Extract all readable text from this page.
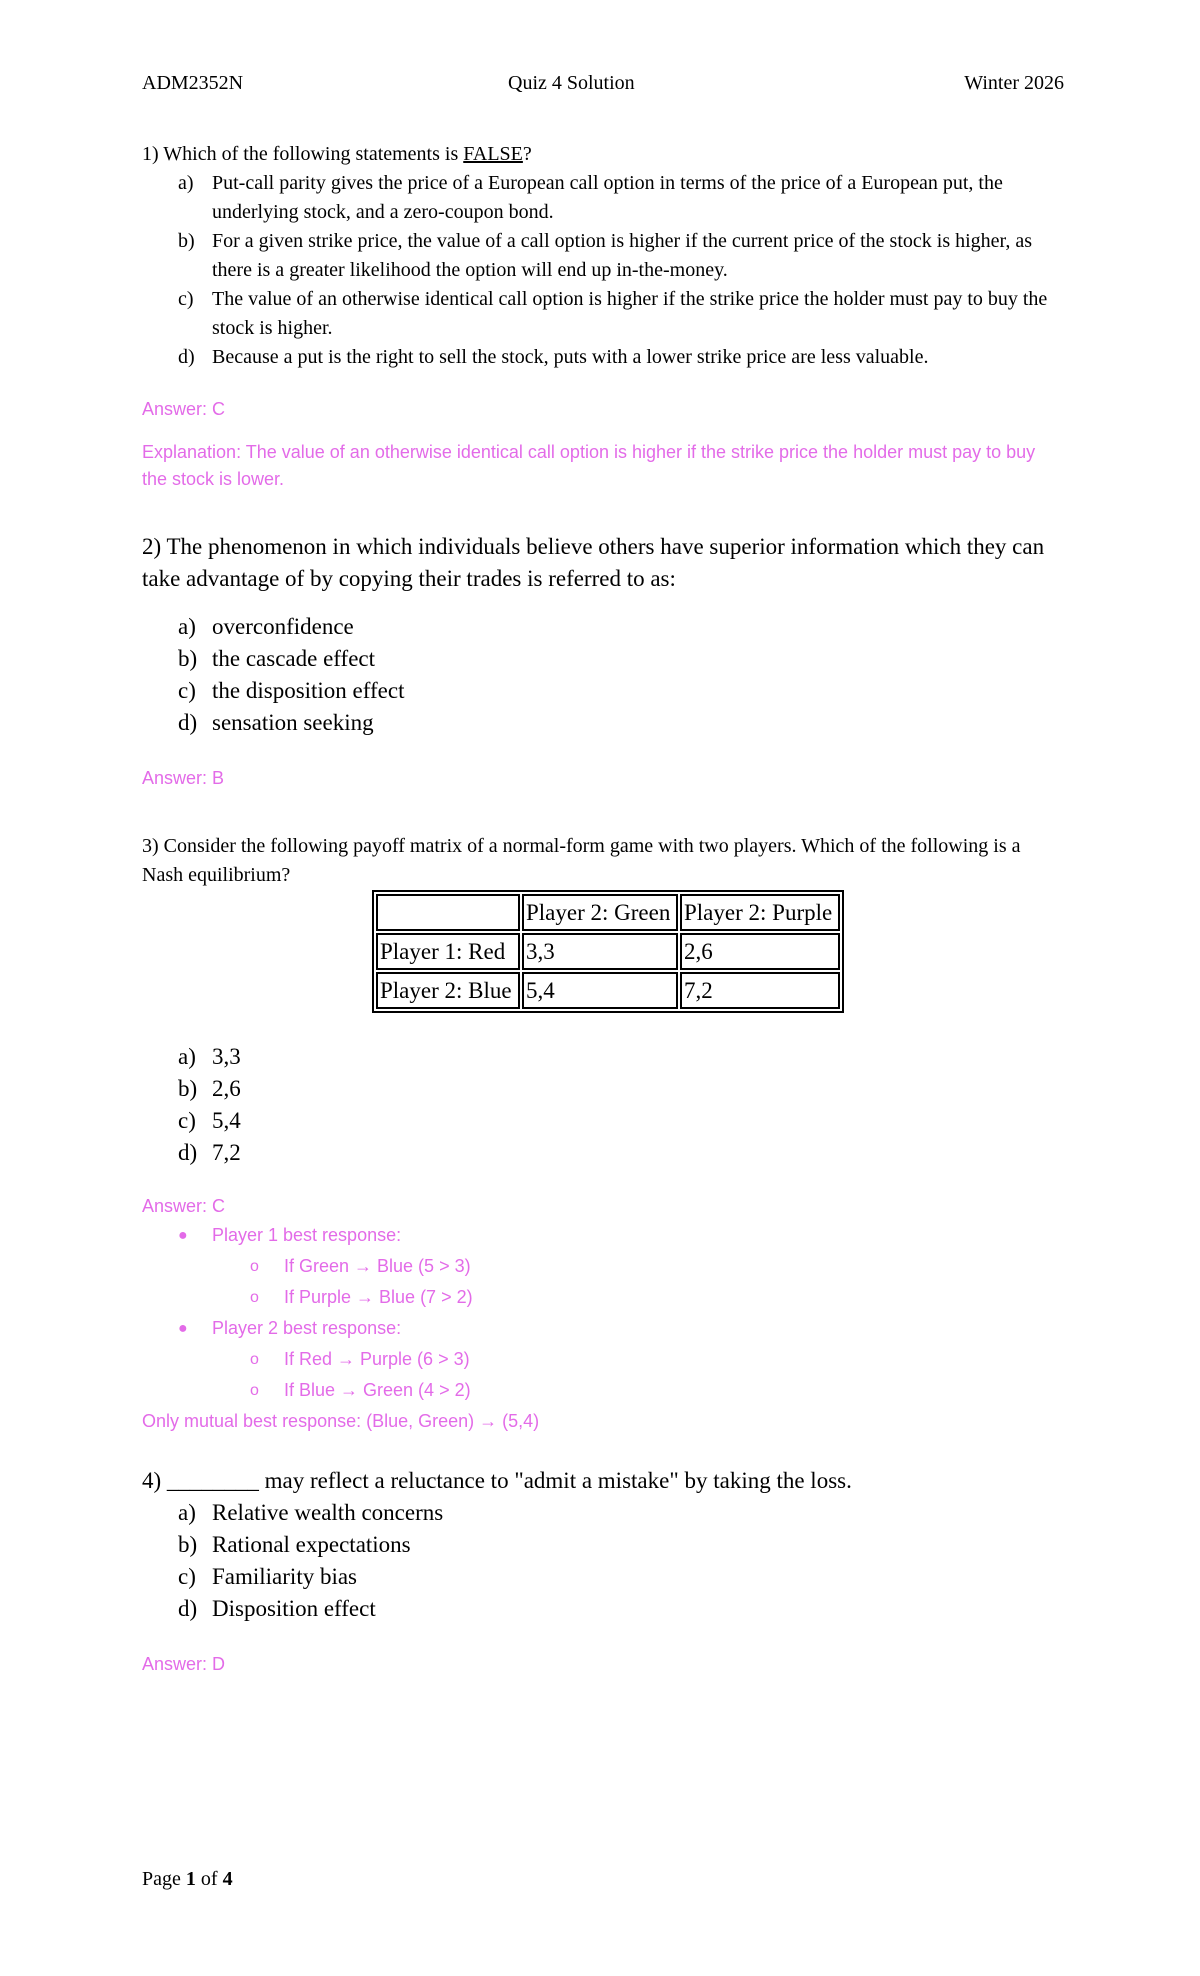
ADM2352N	Quiz 4 Solution	Winter 2026

1) Which of the following statements is FALSE?

a) Put-call parity gives the price of a European call option in terms of the price of a European put, the underlying stock, and a zero-coupon bond.
b) For a given strike price, the value of a call option is higher if the current price of the stock is higher, as there is a greater likelihood the option will end up in-the-money.
c) The value of an otherwise identical call option is higher if the strike price the holder must pay to buy the stock is higher.
d) Because a put is the right to sell the stock, puts with a lower strike price are less valuable.
Answer: C
Explanation: The value of an otherwise identical call option is higher if the strike price the holder must pay to buy the stock is lower.

2) The phenomenon in which individuals believe others have superior information which they can take advantage of by copying their trades is referred to as:

a) overconfidence
b) the cascade effect
c) the disposition effect
d) sensation seeking
Answer: B

3) Consider the following payoff matrix of a normal-form game with two players. Which of the following is a Nash equilibrium?

	Player 2: Green	Player 2: Purple
Player 1: Red	3,3	2,6
Player 2: Blue	5,4	7,2
a) 3,3
b) 2,6
c) 5,4
d) 7,2
Answer: C
● Player 1 best response:
o If Green → Blue (5 > 3)
o If Purple → Blue (7 > 2)
● Player 2 best response:
o If Red → Purple (6 > 3)
o If Blue → Green (4 > 2)
Only mutual best response: (Blue, Green) → (5,4)

4) ________ may reflect a reluctance to "admit a mistake" by taking the loss.

a) Relative wealth concerns
b) Rational expectations
c) Familiarity bias
d) Disposition effect
Answer: D
Page 1 of 4
